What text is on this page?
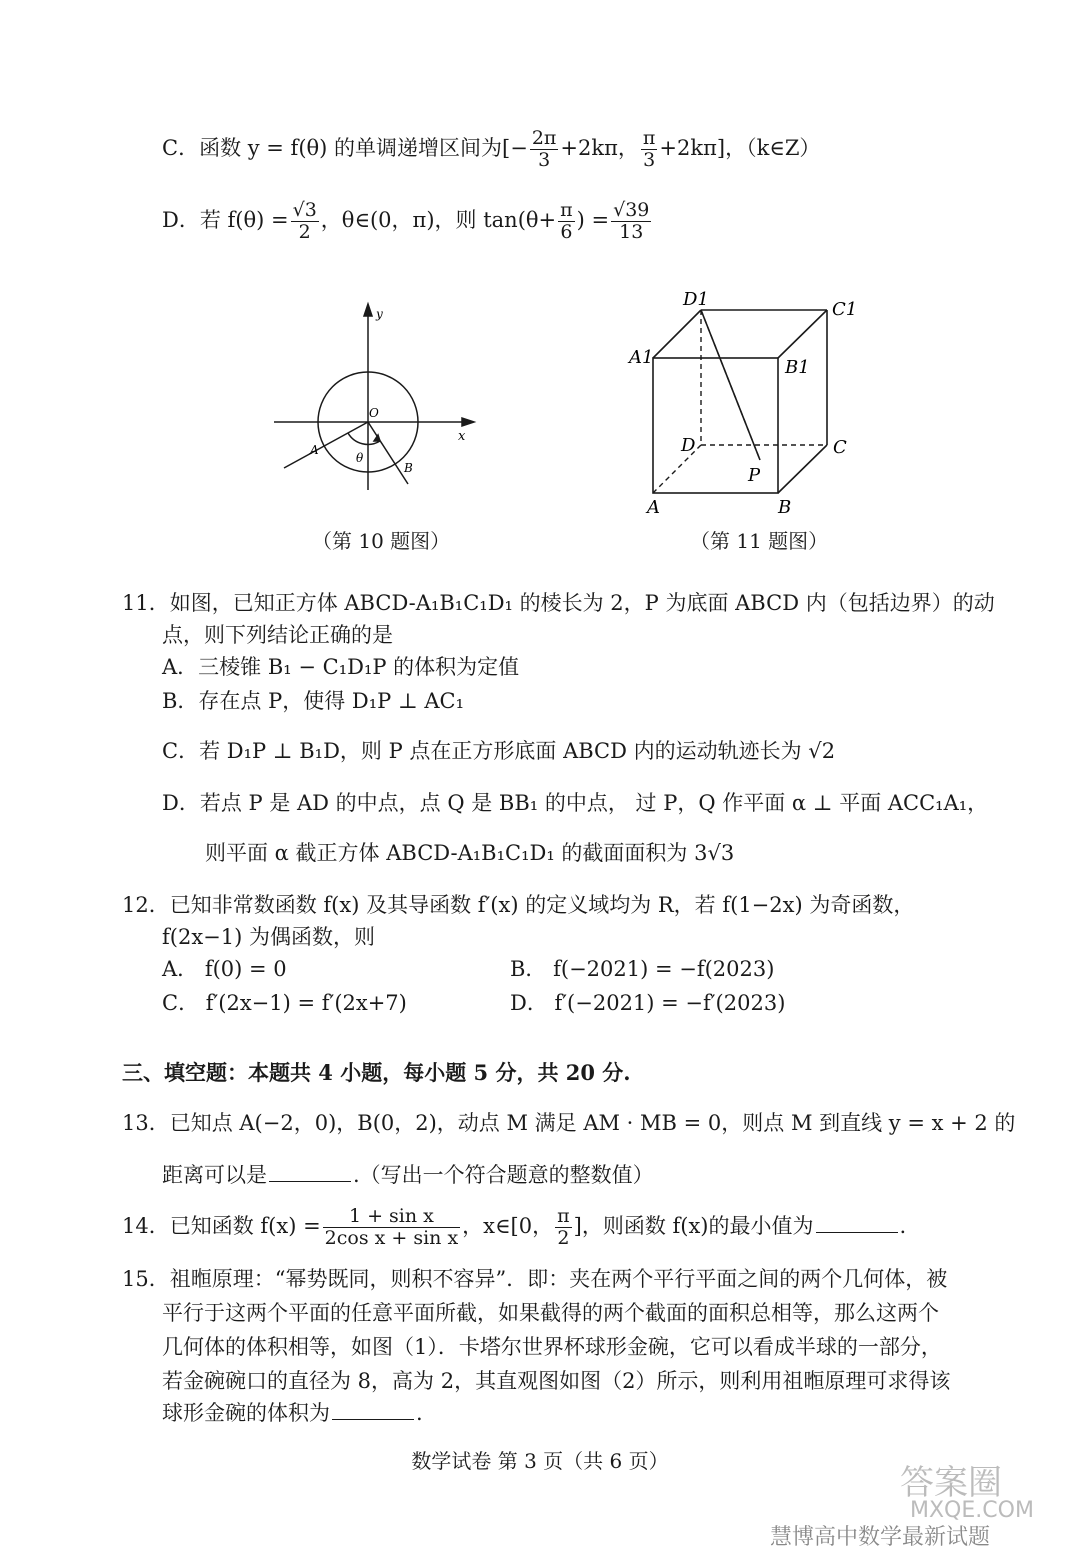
C．函数 y = f(θ) 的单调递增区间为[− $\frac{2\pi}{3} +2k\pi$， $\frac{\pi}{3} +2k\pi$]，（k∈Z）
D．若 $f(\theta) = \frac{√3}{2}$ ，θ∈(0，π)，则 $\tan(\theta+ \frac{\pi}{6}$ ) = $\frac{√39}{13}$
y
x
O
A
B
θ
（第 10 题图）
D1	C1
A1	B1
D	C
A	B
P
（第 11 题图）
11．如图，已知正方体 ABCD-A₁B₁C₁D₁ 的棱长为 2，P 为底面 ABCD 内（包括边界）的动
点，则下列结论正确的是
A．三棱锥 B₁ − C₁D₁P 的体积为定值
B．存在点 P，使得 D₁P ⊥ AC₁
C．若 D₁P ⊥ B₁D，则 P 点在正方形底面 ABCD 内的运动轨迹长为 √2
D．若点 P 是 AD 的中点，点 Q 是 BB₁ 的中点， 过 P，Q 作平面 α ⊥ 平面 ACC₁A₁，
则平面 α 截正方体 ABCD-A₁B₁C₁D₁ 的截面面积为 3√3
12．已知非常数函数 f(x) 及其导函数 f′(x) 的定义域均为 R，若 f(1−2x) 为奇函数，
f(2x−1) 为偶函数，则
A． f(0) = 0	B． f(−2021) = −f(2023)
C． f′(2x−1) = f′(2x+7)	D． f′(−2021) = −f′(2023)
三、填空题：本题共 4 小题，每小题 5 分，共 20 分.
13．已知点 A(−2，0)，B(0，2)，动点 M 满足 AM · MB = 0，则点 M 到直线 y = x + 2 的
距离可以是	.（写出一个符合题意的整数值）
14．已知函数 $f(x) = \frac{\text{1 + sin x}}{\text{2cos x + sin x}}$ ，x∈[0， $\frac{\pi}{2}$ ]，则函数 f(x)的最小值为	.
15．祖暅原理：“幂势既同，则积不容异”．即：夹在两个平行平面之间的两个几何体，被
平行于这两个平面的任意平面所截，如果截得的两个截面的面积总相等，那么这两个
几何体的体积相等，如图（1）．卡塔尔世界杯球形金碗，它可以看成半球的一部分，
若金碗碗口的直径为 8，高为 2，其直观图如图（2）所示，则利用祖暅原理可求得该
球形金碗的体积为	.
数学试卷 第 3 页（共 6 页）
慧博高中数学最新试题
答案圈
MXQE.COM
